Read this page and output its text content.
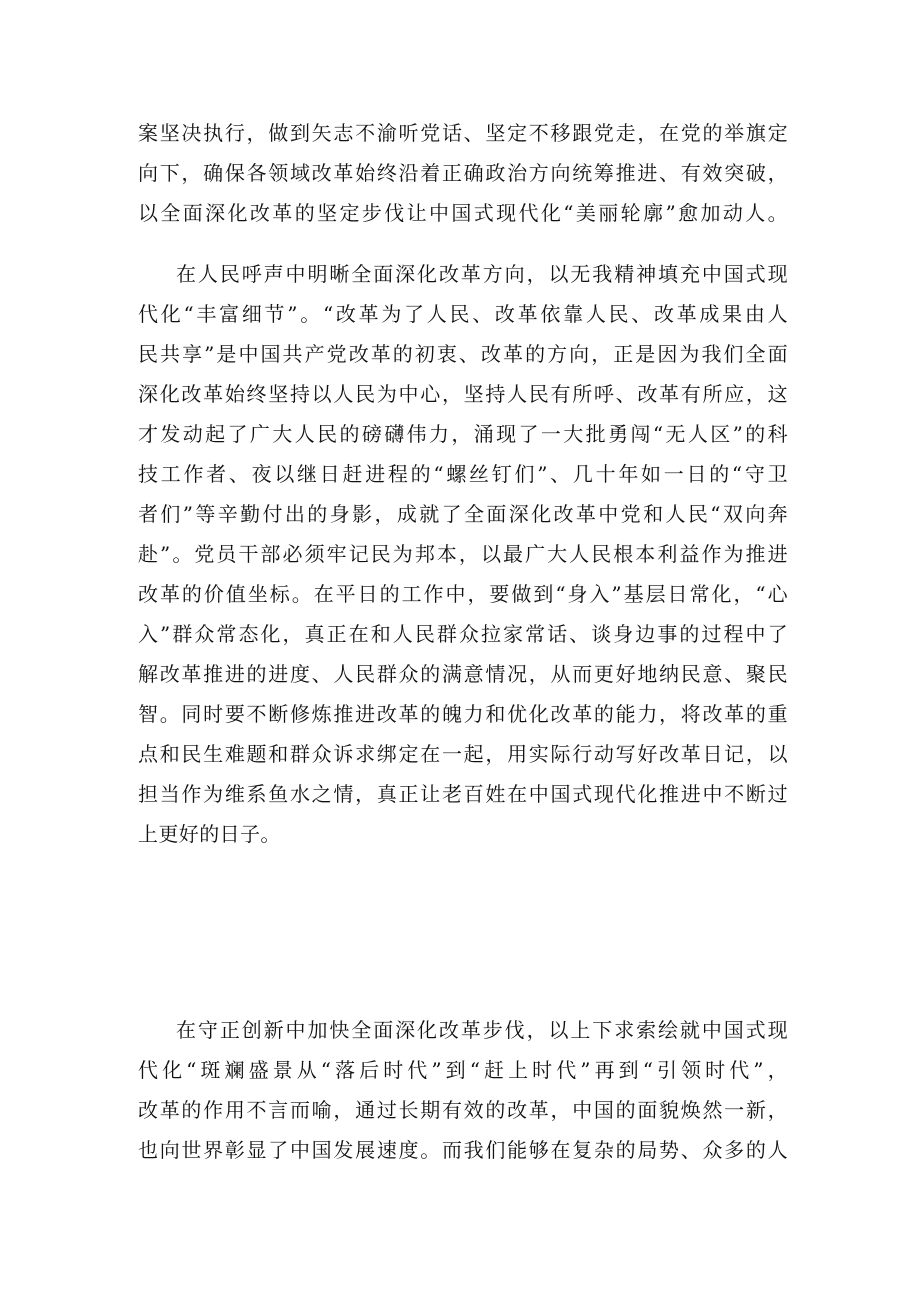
案坚决执行，做到矢志不渝听党话、坚定不移跟党走，在党的举旗定
向下，确保各领域改革始终沿着正确政治方向统筹推进、有效突破，
以全面深化改革的坚定步伐让中国式现代化“美丽轮廓”愈加动人。
在人民呼声中明晰全面深化改革方向，以无我精神填充中国式现
代化“丰富细节”。“改革为了人民、改革依靠人民、改革成果由人
民共享”是中国共产党改革的初衷、改革的方向，正是因为我们全面
深化改革始终坚持以人民为中心，坚持人民有所呼、改革有所应，这
才发动起了广大人民的磅礴伟力，涌现了一大批勇闯“无人区”的科
技工作者、夜以继日赶进程的“螺丝钉们”、几十年如一日的“守卫
者们”等辛勤付出的身影，成就了全面深化改革中党和人民“双向奔
赴”。党员干部必须牢记民为邦本，以最广大人民根本利益作为推进
改革的价值坐标。在平日的工作中，要做到“身入”基层日常化，“心
入”群众常态化，真正在和人民群众拉家常话、谈身边事的过程中了
解改革推进的进度、人民群众的满意情况，从而更好地纳民意、聚民
智。同时要不断修炼推进改革的魄力和优化改革的能力，将改革的重
点和民生难题和群众诉求绑定在一起，用实际行动写好改革日记，以
担当作为维系鱼水之情，真正让老百姓在中国式现代化推进中不断过
上更好的日子。
在守正创新中加快全面深化改革步伐，以上下求索绘就中国式现
代化“斑斓盛景从“落后时代”到“赶上时代”再到“引领时代”，
改革的作用不言而喻，通过长期有效的改革，中国的面貌焕然一新，
也向世界彰显了中国发展速度。而我们能够在复杂的局势、众多的人
